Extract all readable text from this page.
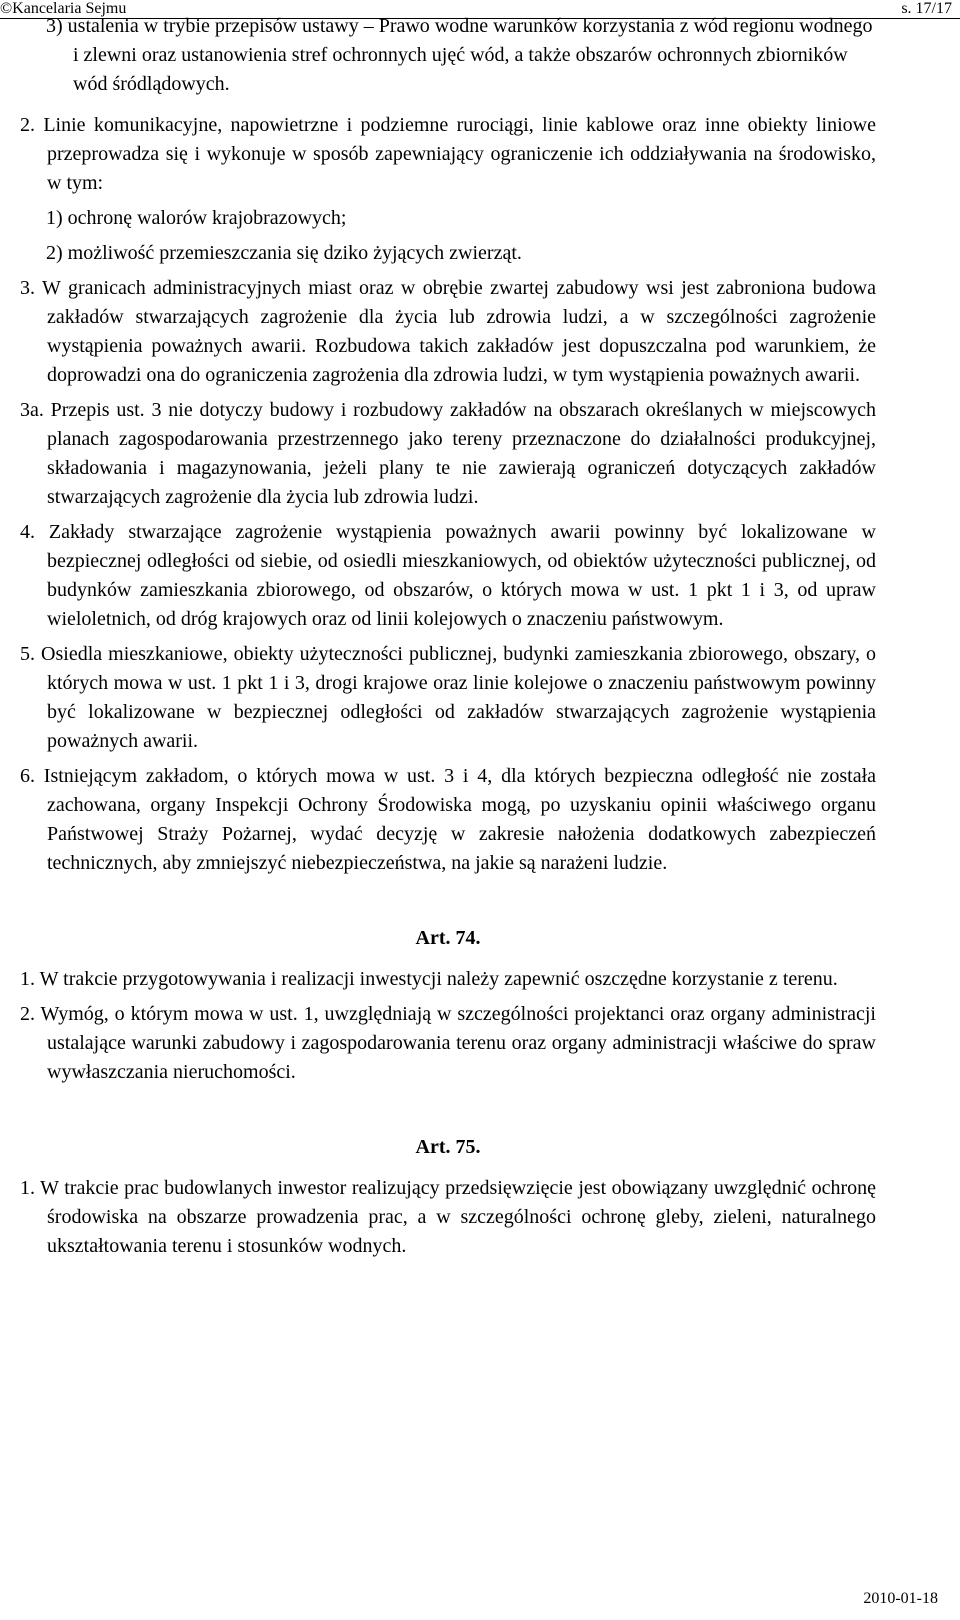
©Kancelaria Sejmu	s. 17/17

3) ustalenia w trybie przepisów ustawy – Prawo wodne warunków korzystania z wód regionu wodnego i zlewni oraz ustanowienia stref ochronnych ujęć wód, a także obszarów ochronnych zbiorników wód śródlądowych.

2. Linie komunikacyjne, napowietrzne i podziemne rurociągi, linie kablowe oraz inne obiekty liniowe przeprowadza się i wykonuje w sposób zapewniający ograniczenie ich oddziaływania na środowisko, w tym:

1) ochronę walorów krajobrazowych;

2) możliwość przemieszczania się dziko żyjących zwierząt.

3. W granicach administracyjnych miast oraz w obrębie zwartej zabudowy wsi jest zabroniona budowa zakładów stwarzających zagrożenie dla życia lub zdrowia ludzi, a w szczególności zagrożenie wystąpienia poważnych awarii. Rozbudowa takich zakładów jest dopuszczalna pod warunkiem, że doprowadzi ona do ograniczenia zagrożenia dla zdrowia ludzi, w tym wystąpienia poważnych awarii.

3a. Przepis ust. 3 nie dotyczy budowy i rozbudowy zakładów na obszarach określanych w miejscowych planach zagospodarowania przestrzennego jako tereny przeznaczone do działalności produkcyjnej, składowania i magazynowania, jeżeli plany te nie zawierają ograniczeń dotyczących zakładów stwarzających zagrożenie dla życia lub zdrowia ludzi.

4. Zakłady stwarzające zagrożenie wystąpienia poważnych awarii powinny być lokalizowane w bezpiecznej odległości od siebie, od osiedli mieszkaniowych, od obiektów użyteczności publicznej, od budynków zamieszkania zbiorowego, od obszarów, o których mowa w ust. 1 pkt 1 i 3, od upraw wieloletnich, od dróg krajowych oraz od linii kolejowych o znaczeniu państwowym.

5. Osiedla mieszkaniowe, obiekty użyteczności publicznej, budynki zamieszkania zbiorowego, obszary, o których mowa w ust. 1 pkt 1 i 3, drogi krajowe oraz linie kolejowe o znaczeniu państwowym powinny być lokalizowane w bezpiecznej odległości od zakładów stwarzających zagrożenie wystąpienia poważnych awarii.

6. Istniejącym zakładom, o których mowa w ust. 3 i 4, dla których bezpieczna odległość nie została zachowana, organy Inspekcji Ochrony Środowiska mogą, po uzyskaniu opinii właściwego organu Państwowej Straży Pożarnej, wydać decyzję w zakresie nałożenia dodatkowych zabezpieczeń technicznych, aby zmniejszyć niebezpieczeństwa, na jakie są narażeni ludzie.

Art. 74.

1. W trakcie przygotowywania i realizacji inwestycji należy zapewnić oszczędne korzystanie z terenu.

2. Wymóg, o którym mowa w ust. 1, uwzględniają w szczególności projektanci oraz organy administracji ustalające warunki zabudowy i zagospodarowania terenu oraz organy administracji właściwe do spraw wywłaszczania nieruchomości.

Art. 75.

1. W trakcie prac budowlanych inwestor realizujący przedsięwzięcie jest obowiązany uwzględnić ochronę środowiska na obszarze prowadzenia prac, a w szczególności ochronę gleby, zieleni, naturalnego ukształtowania terenu i stosunków wodnych.

2010-01-18
